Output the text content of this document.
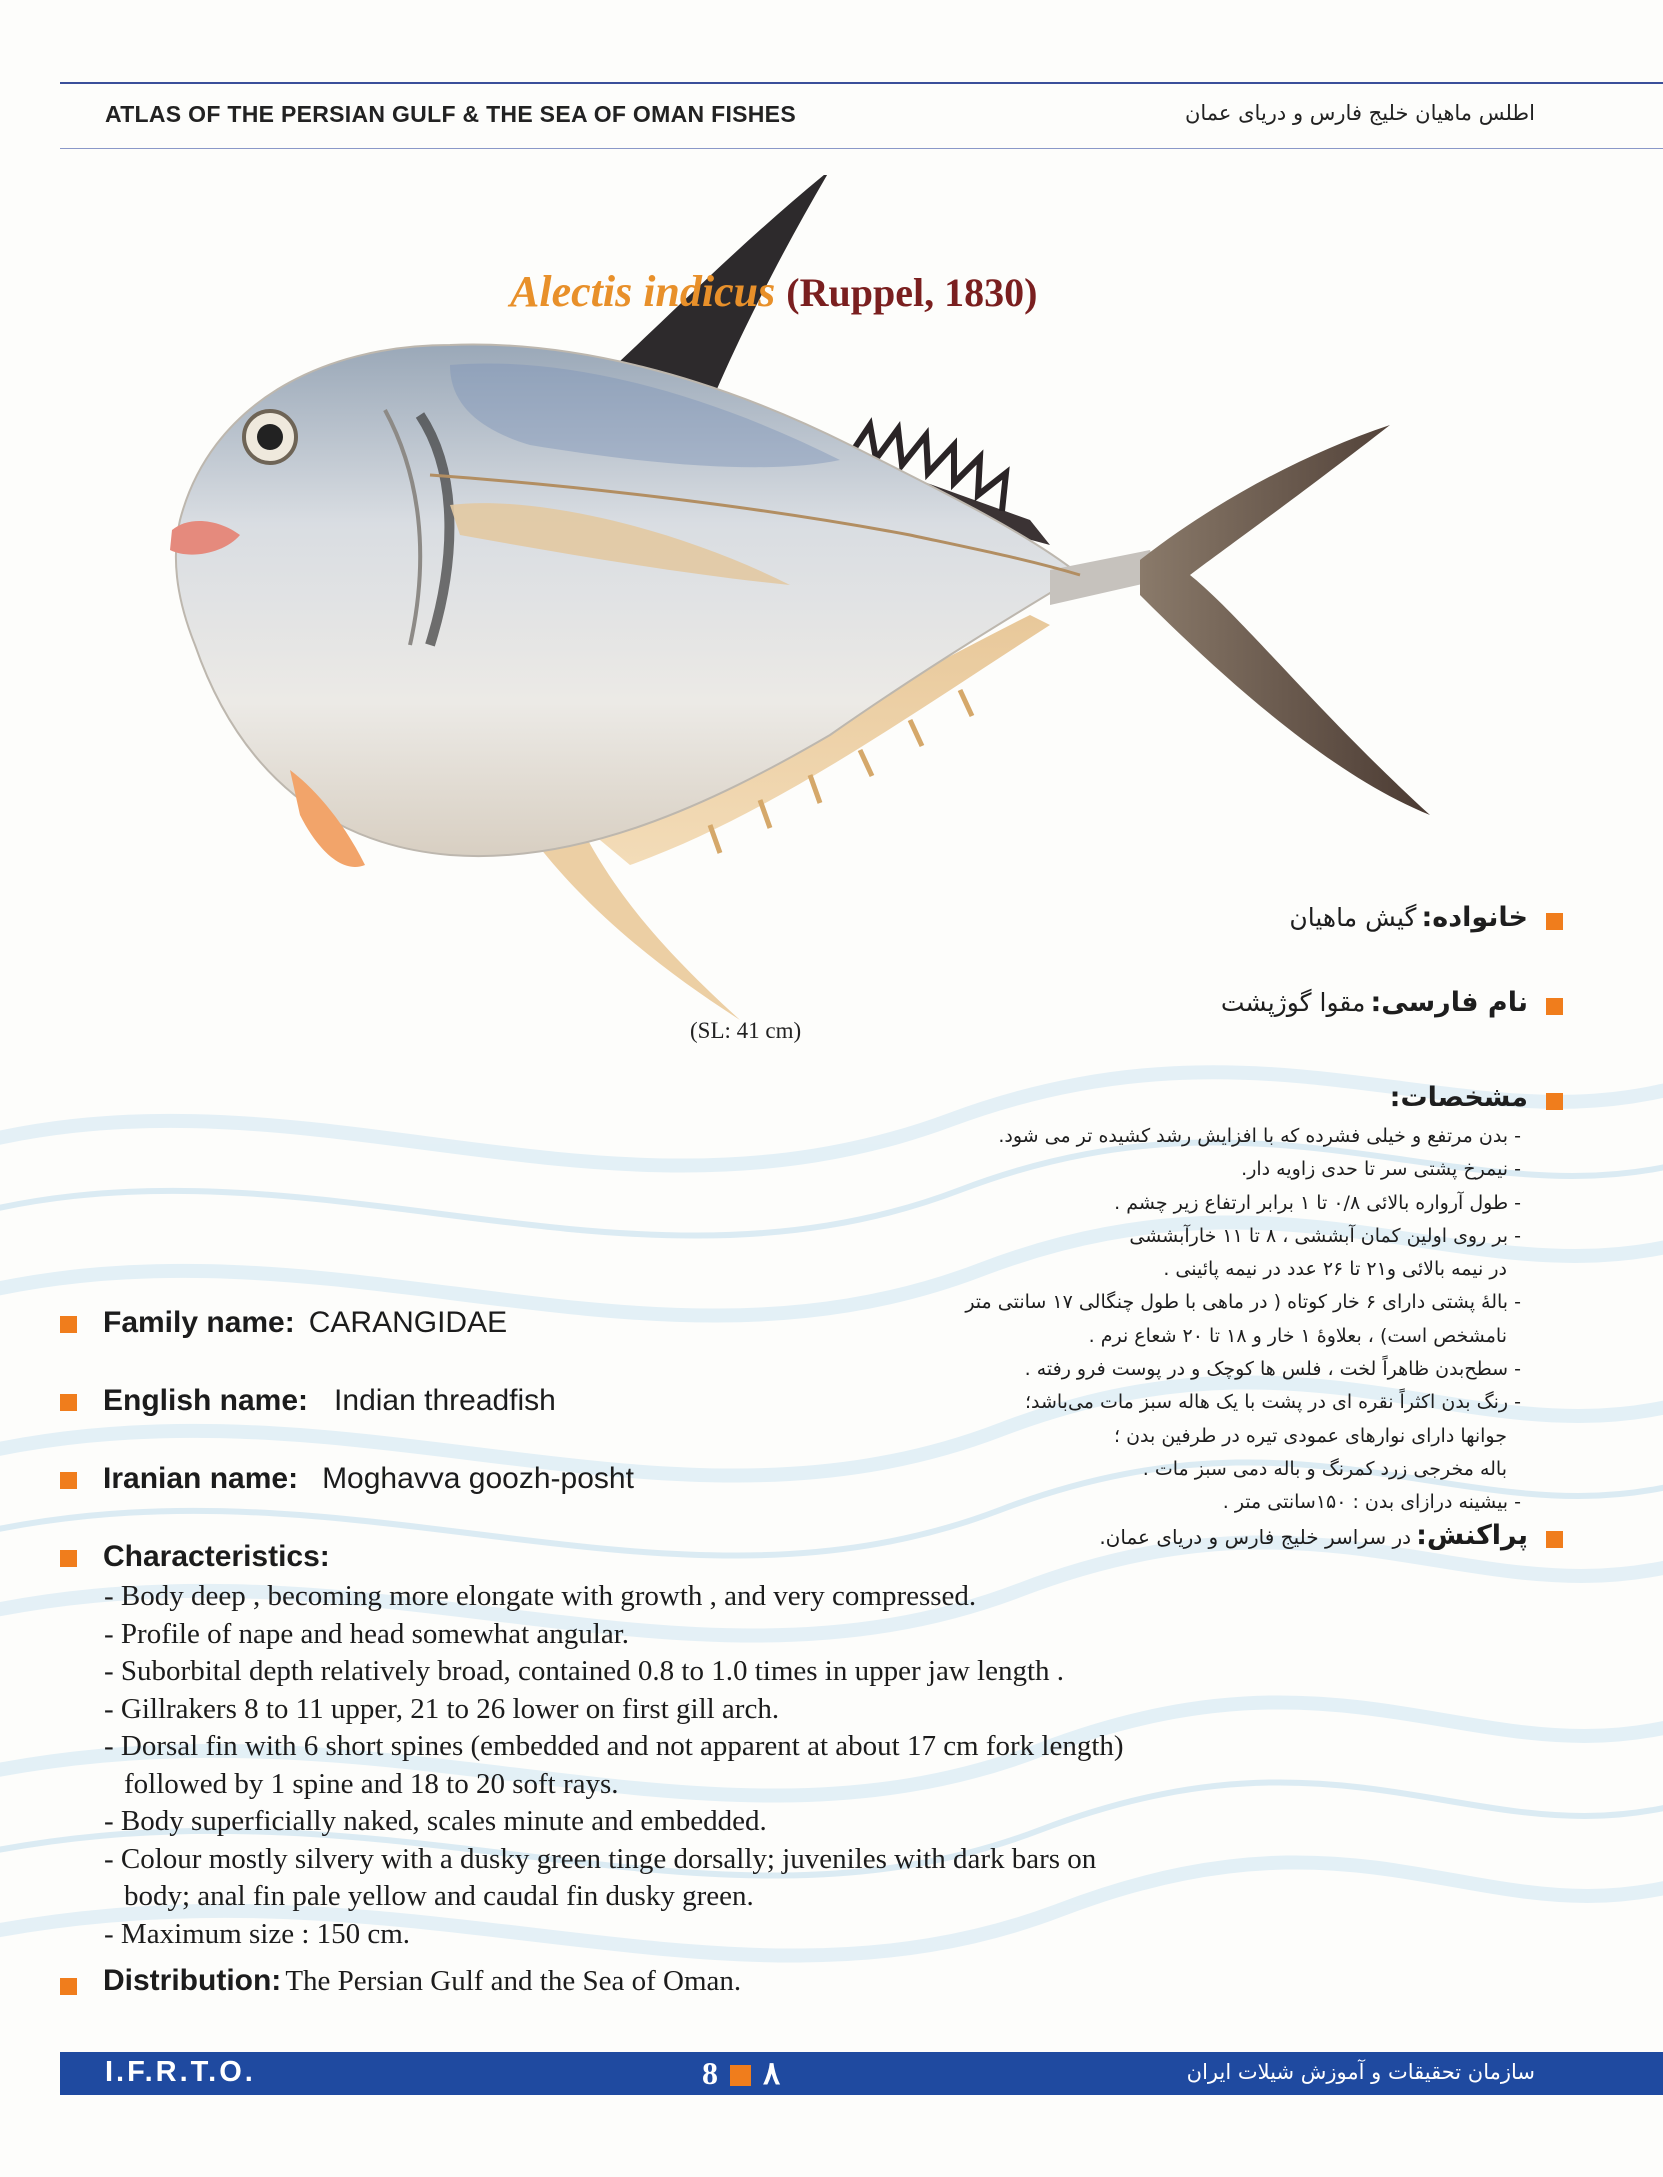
ATLAS OF THE PERSIAN GULF & THE SEA OF OMAN FISHES	اطلس ماهیان خلیج فارس و دریای عمان
Alectis indicus (Ruppel, 1830)
(SL: 41 cm)
خانواده: گیش ماهیان
نام فارسی: مقوا گوژپشت
مشخصات:
- بدن مرتفع و خیلی فشرده که با افزایش رشد کشیده تر می شود.
- نیمرخ پشتی سر تا حدی زاویه دار.
- طول آرواره بالائی ۰/۸ تا ۱ برابر ارتفاع زیر چشم .
- بر روی اولین کمان آبششی ، ۸ تا ۱۱ خارآبششی
در نیمه بالائی و۲۱ تا ۲۶ عدد در نیمه پائینی .
- بالهٔ پشتی دارای ۶ خار کوتاه ( در ماهی با طول چنگالی ۱۷ سانتی متر
نامشخص است) ، بعلاوهٔ ۱ خار و ۱۸ تا ۲۰ شعاع نرم .
- سطح‌بدن ظاهراً لخت ، فلس ها کوچک و در پوست فرو رفته .
- رنگ بدن اکثراً نقره ای در پشت با یک هاله سبز مات می‌باشد؛
جوانها دارای نوارهای عمودی تیره در طرفین بدن ؛
باله مخرجی زرد کمرنگ و باله دمی سبز مات .
- بیشینه درازای بدن : ۱۵۰سانتی متر .
پراکنش: در سراسر خلیج فارس و دریای عمان.
Family name: CARANGIDAE
English name: Indian threadfish
Iranian name: Moghavva goozh-posht
Characteristics:
- Body deep , becoming more elongate with growth , and very compressed.
- Profile of nape and head somewhat angular.
- Suborbital depth relatively broad, contained 0.8 to 1.0 times in upper jaw length .
- Gillrakers 8 to 11 upper, 21 to 26 lower on first gill arch.
- Dorsal fin with 6 short spines (embedded and not apparent at about 17 cm fork length)
followed by 1 spine and 18 to 20 soft rays.
- Body superficially naked, scales minute and embedded.
- Colour mostly silvery with a dusky green tinge dorsally; juveniles with dark bars on
body; anal fin pale yellow and caudal fin dusky green.
- Maximum size : 150 cm.
Distribution: The Persian Gulf and the Sea of Oman.
I.F.R.T.O.	8 ۸	سازمان تحقیقات و آموزش شیلات ایران
